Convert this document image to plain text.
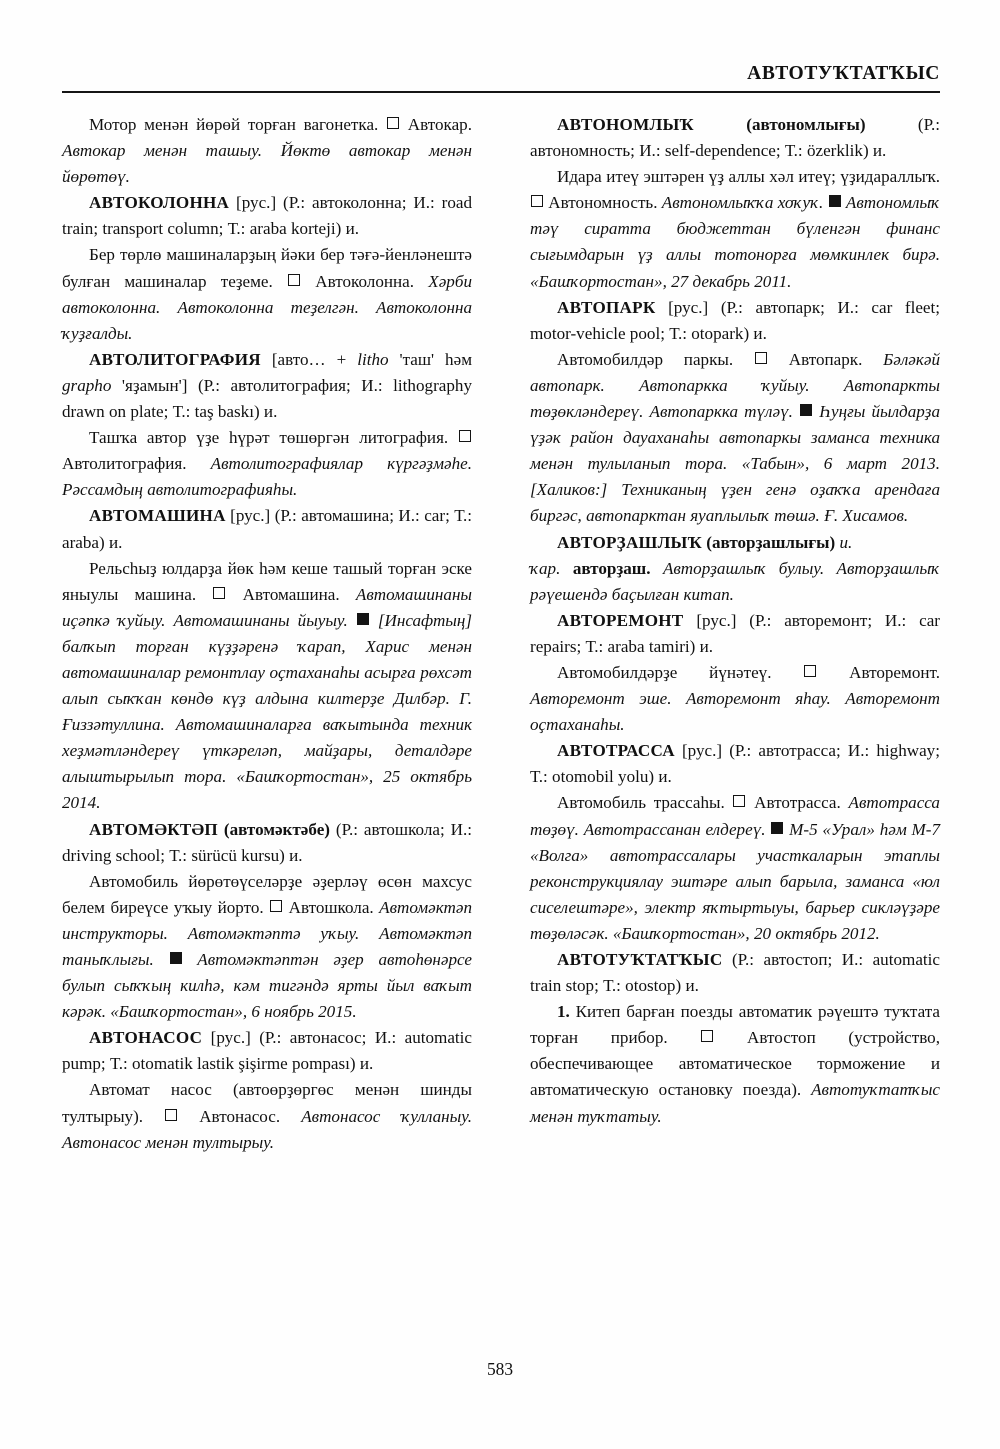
АВТОТУҠТАТҠЫС

Мотор менән йөрөй торған вагонетка.  Автокар. Автокар менән ташыу. Йөктө автокар менән йөрөтөү.

АВТОКОЛОННА [рус.] (Р.: автоколонна; И.: road train; transport column; Т.: araba korteji) и.

Бер төрлө машиналарҙың йәки бер тәғә-йенләнештә булған машиналар теҙеме.  Автоколонна. Хәрби автоколонна. Автоколонна теҙелгән. Автоколонна ҡуҙғалды.

АВТОЛИТОГРАФИЯ [авто… + litho 'таш' һәм grapho 'яҙамын'] (Р.: автолитография; И.: lithography drawn on plate; Т.: taş baskı) и.

Ташҡа автор үҙе һүрәт төшөргән литография.  Автолитография. Автолитографиялар күргәҙмәһе. Рәссамдың автолитографияһы.

АВТОМАШИНА [рус.] (Р.: автомашина; И.: car; Т.: araba) и.

Рельсһыҙ юлдарҙа йөк һәм кеше ташый торған эске яныулы машина.  Автомашина. Автомашинаны иҫәпкә ҡуйыу. Автомашинаны йыуыу. [Инсафтың] балҡып торған күҙҙәренә ҡарап, Харис менән автомашиналар ремонтлау оҫтаханаһы асырға рөхсәт алып сыҡҡан көндө күҙ алдына килтерҙе Дилбәр. Г. Ғиззәтуллина. Автомашиналарға ваҡытында техник хеҙмәтләндереү үткәреләп, майҙары, деталдәре алыштырылып тора. «Башҡортостан», 25 октябрь 2014.

АВТОМӘКТӘП (автомәктәбе) (Р.: автошкола; И.: driving school; Т.: sürücü kursu) и.

Автомобиль йөрөтөүселәрҙе әҙерләү өсөн махсус белем биреүсе уҡыу йорто.  Автошкола. Автомәктәп инструкторы. Автомәктәптә уҡыу. Автомәктәп таныҡлығы.	Автомәктәптән әҙер автоһөнәрсе булып сыҡҡың килһә, кәм тигәндә ярты йыл ваҡыт кәрәк. «Башҡортостан», 6 ноябрь 2015.

АВТОНАСОС [рус.] (Р.: автонасос; И.: automatic pump; Т.: otomatik lastik şişirme pompası) и.

Автомат насос (автоөрҙөргөс менән шинды тултырыу).  Автонасос. Автонасос ҡулланыу. Автонасос менән тултырыу.

АВТОНОМЛЫҠ	(автономлығы)	(Р.: автономность; И.: self-dependence; Т.: özerklik) и.

Идара итеү эштәрен үҙ аллы хәл итеү; үҙидараллыҡ.  Автономность. Автономлыҡҡа хоҡуҡ. Автономлыҡ тәү сиратта бюджеттан бүленгән финанс сығымдарын үҙ аллы тотонорға мөмкинлек бирә. «Башҡортостан», 27 декабрь 2011.

АВТОПАРК [рус.] (Р.: автопарк; И.: car fleet; motor-vehicle pool; Т.: otopark) и.

Автомобилдәр паркы.  Автопарк. Бәләкәй автопарк. Автопаркка ҡуйыу. Автопаркты төҙөкләндереү. Автопаркка түләү. Һуңғы йылдарҙа үҙәк район дауаханаһы автопаркы заманса техника менән тулыланып тора. «Табын», 6 март 2013. [Халиков:] Техниканың үҙен генә оҙаҡҡа арендаға биргәс, автопарктан яуаплылыҡ төшә. Ғ. Хисамов.

АВТОРҘАШЛЫҠ (авторҙашлығы) и.

ҡар. авторҙаш. Авторҙашлыҡ булыу. Авторҙашлыҡ рәүешендә баҫылған китап.

АВТОРЕМОНТ [рус.] (Р.: авторемонт; И.: car repairs; Т.: araba tamiri) и.

Автомобилдәрҙе йүнәтеү.  Авторемонт. Авторемонт эше. Авторемонт яһау. Авторемонт оҫтаханаһы.

АВТОТРАССА [рус.] (Р.: автотрасса; И.: highway; Т.: otomobil yolu) и.

Автомобиль трассаһы.  Автотрасса. Автотрасса төҙөү. Автотрассанан елдереү. М-5 «Урал» һәм М-7 «Волга» автотрассалары участкаларын этаплы реконструкциялау эштәре алып барыла, заманса «юл сиселештәре», электр яҡтыртыуы, барьер сикләүҙәре төҙөләсәк. «Башҡортостан», 20 октябрь 2012.

АВТОТУҠТАТҠЫС (Р.: автостоп; И.: automatic train stop; Т.: otostop) и.

1. Китеп барған поезды автоматик рәүештә туҡтата торған прибор.  Автостоп (устройство, обеспечивающее автоматическое торможение и автоматическую остановку поезда). Автотуҡтатҡыс менән туҡтатыу.

583
